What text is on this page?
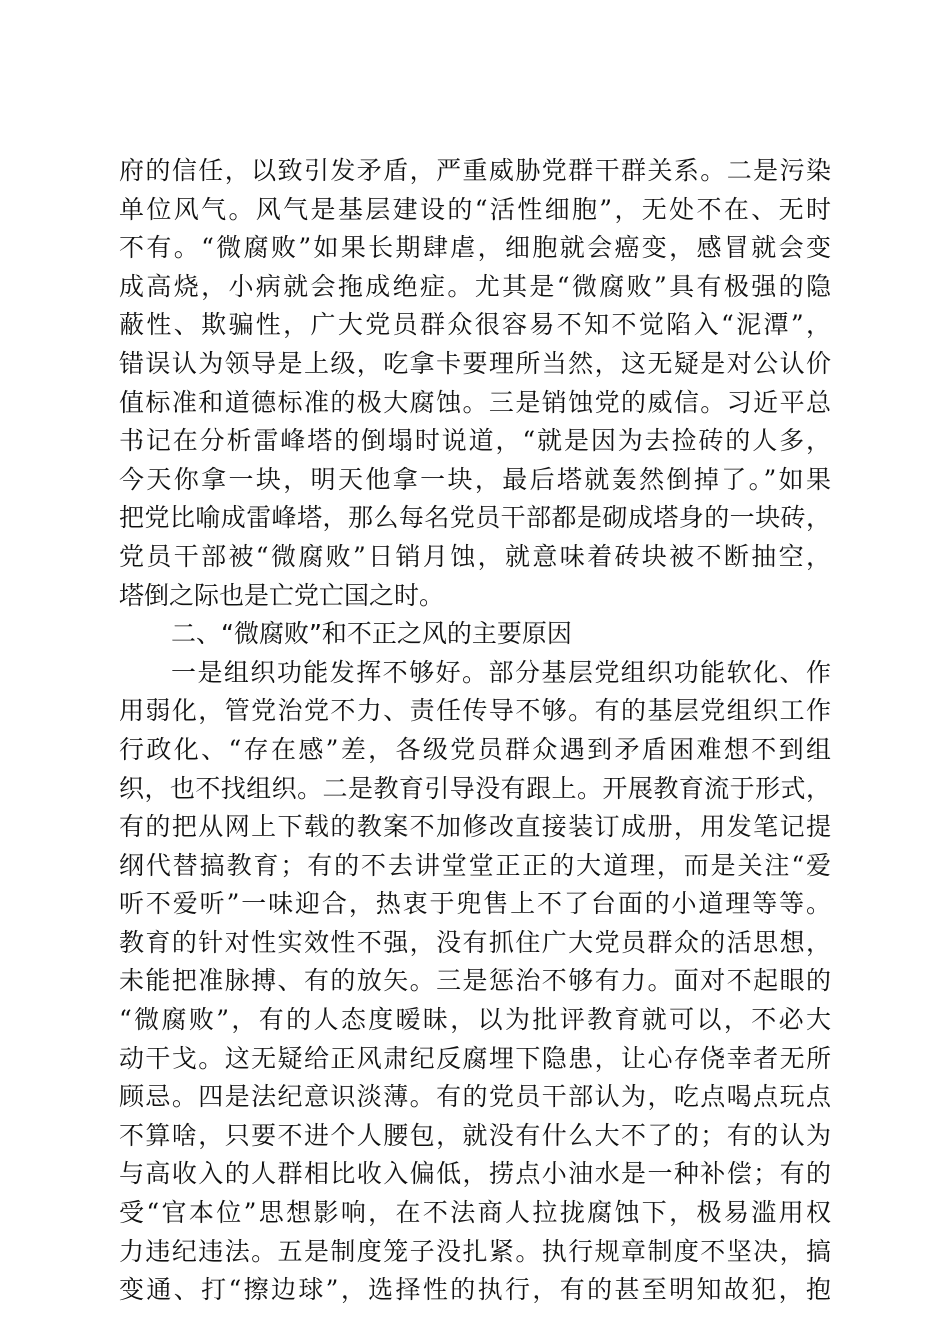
府的信任，以致引发矛盾，严重威胁党群干群关系。二是污染
单位风气。风气是基层建设的“活性细胞”，无处不在、无时
不有。“微腐败”如果长期肆虐，细胞就会癌变，感冒就会变
成高烧，小病就会拖成绝症。尤其是“微腐败”具有极强的隐
蔽性、欺骗性，广大党员群众很容易不知不觉陷入“泥潭”，
错误认为领导是上级，吃拿卡要理所当然，这无疑是对公认价
值标准和道德标准的极大腐蚀。三是销蚀党的威信。习近平总
书记在分析雷峰塔的倒塌时说道，“就是因为去捡砖的人多，
今天你拿一块，明天他拿一块，最后塔就轰然倒掉了。”如果
把党比喻成雷峰塔，那么每名党员干部都是砌成塔身的一块砖，
党员干部被“微腐败”日销月蚀，就意味着砖块被不断抽空，
塔倒之际也是亡党亡国之时。
二、“微腐败”和不正之风的主要原因
一是组织功能发挥不够好。部分基层党组织功能软化、作
用弱化，管党治党不力、责任传导不够。有的基层党组织工作
行政化、“存在感”差，各级党员群众遇到矛盾困难想不到组
织，也不找组织。二是教育引导没有跟上。开展教育流于形式，
有的把从网上下载的教案不加修改直接装订成册，用发笔记提
纲代替搞教育；有的不去讲堂堂正正的大道理，而是关注“爱
听不爱听”一味迎合，热衷于兜售上不了台面的小道理等等。
教育的针对性实效性不强，没有抓住广大党员群众的活思想，
未能把准脉搏、有的放矢。三是惩治不够有力。面对不起眼的
“微腐败”，有的人态度暧昧，以为批评教育就可以，不必大
动干戈。这无疑给正风肃纪反腐埋下隐患，让心存侥幸者无所
顾忌。四是法纪意识淡薄。有的党员干部认为，吃点喝点玩点
不算啥，只要不进个人腰包，就没有什么大不了的；有的认为
与高收入的人群相比收入偏低，捞点小油水是一种补偿；有的
受“官本位”思想影响，在不法商人拉拢腐蚀下，极易滥用权
力违纪违法。五是制度笼子没扎紧。执行规章制度不坚决，搞
变通、打“擦边球”，选择性的执行，有的甚至明知故犯，抱
